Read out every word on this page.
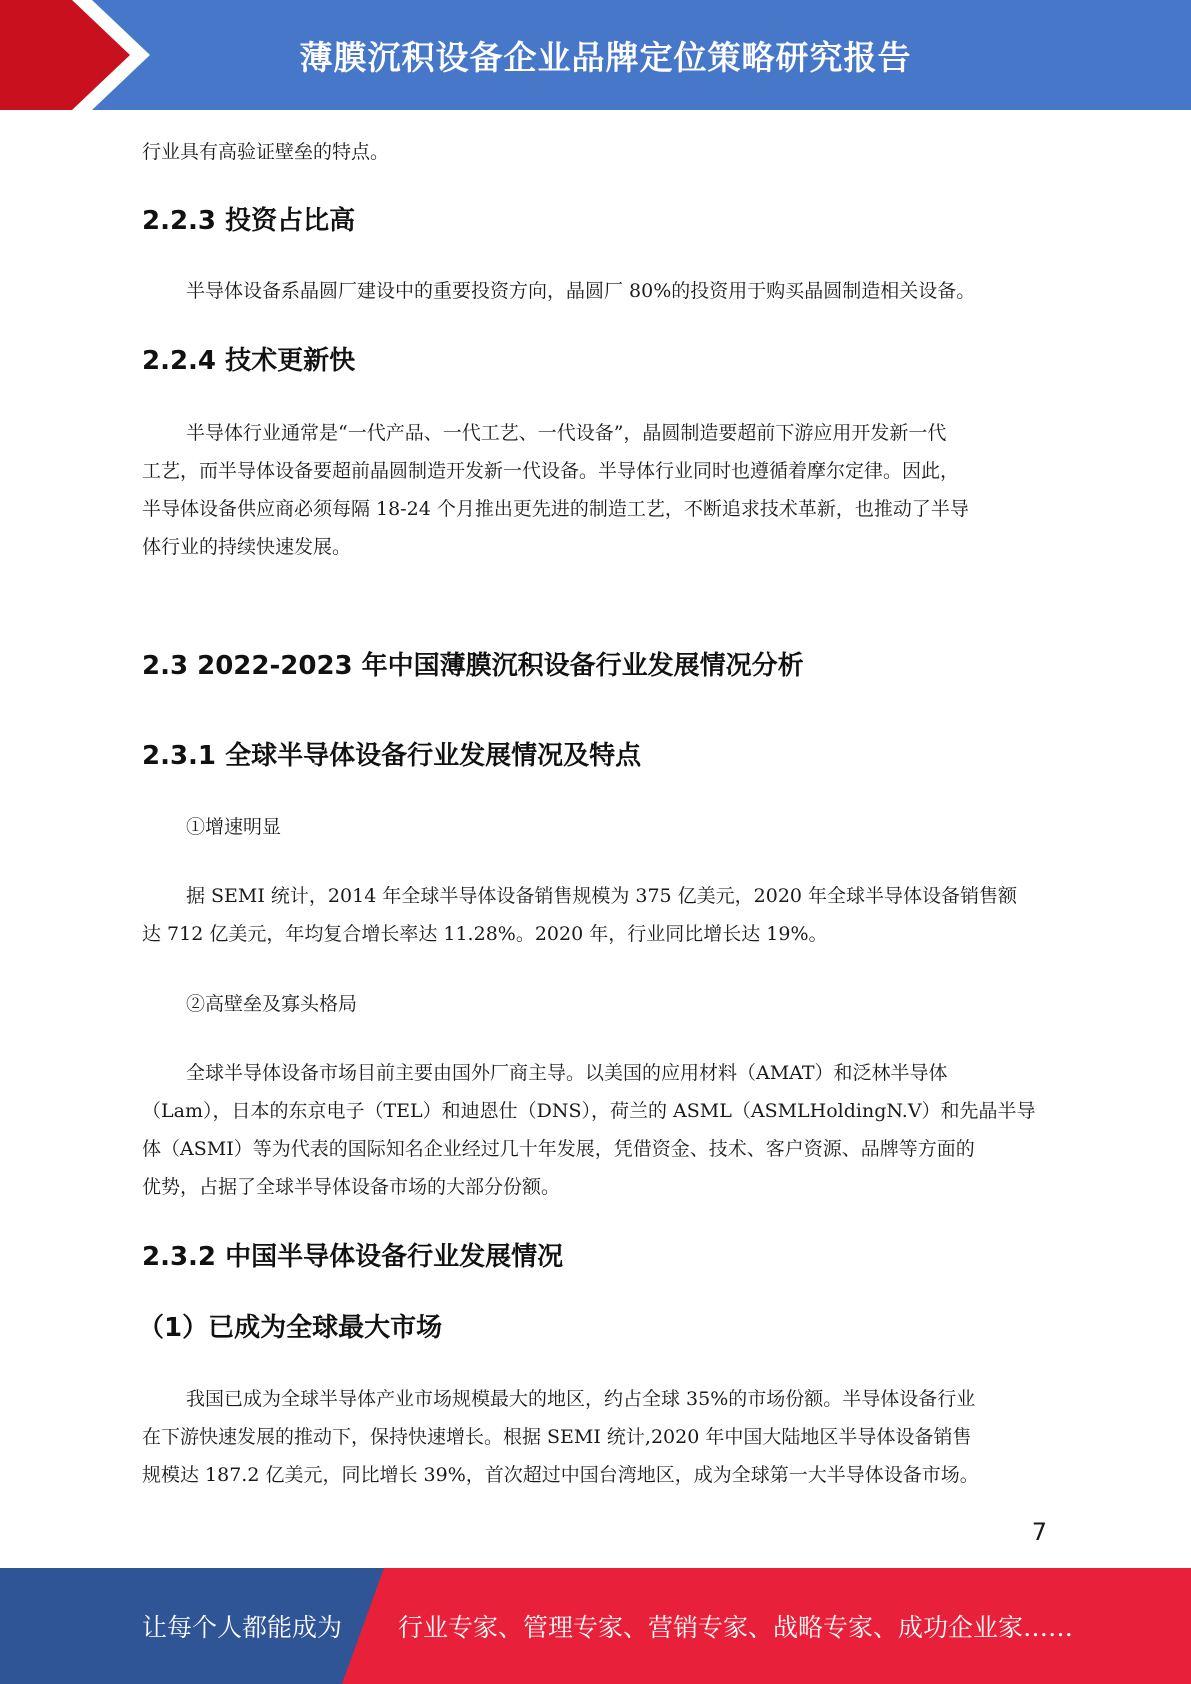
薄膜沉积设备企业品牌定位策略研究报告

行业具有高验证壁垒的特点。

2.2.3 投资占比高

半导体设备系晶圆厂建设中的重要投资方向，晶圆厂 80%的投资用于购买晶圆制造相关设备。

2.2.4 技术更新快

半导体行业通常是“一代产品、一代工艺、一代设备”，晶圆制造要超前下游应用开发新一代

工艺，而半导体设备要超前晶圆制造开发新一代设备。半导体行业同时也遵循着摩尔定律。因此，

半导体设备供应商必须每隔 18-24 个月推出更先进的制造工艺，不断追求技术革新，也推动了半导

体行业的持续快速发展。

2.3 2022-2023 年中国薄膜沉积设备行业发展情况分析
2.3.1 全球半导体设备行业发展情况及特点

①增速明显

据 SEMI 统计，2014 年全球半导体设备销售规模为 375 亿美元，2020 年全球半导体设备销售额

达 712 亿美元，年均复合增长率达 11.28%。2020 年，行业同比增长达 19%。

②高壁垒及寡头格局

全球半导体设备市场目前主要由国外厂商主导。以美国的应用材料（AMAT）和泛林半导体

（Lam），日本的东京电子（TEL）和迪恩仕（DNS），荷兰的 ASML（ASMLHoldingN.V）和先晶半导

体（ASMI）等为代表的国际知名企业经过几十年发展，凭借资金、技术、客户资源、品牌等方面的

优势，占据了全球半导体设备市场的大部分份额。

2.3.2 中国半导体设备行业发展情况
（1）已成为全球最大市场

我国已成为全球半导体产业市场规模最大的地区，约占全球 35%的市场份额。半导体设备行业

在下游快速发展的推动下，保持快速增长。根据 SEMI 统计,2020 年中国大陆地区半导体设备销售

规模达 187.2 亿美元，同比增长 39%，首次超过中国台湾地区，成为全球第一大半导体设备市场。

7
让每个人都能成为 行业专家、管理专家、营销专家、战略专家、成功企业家……
